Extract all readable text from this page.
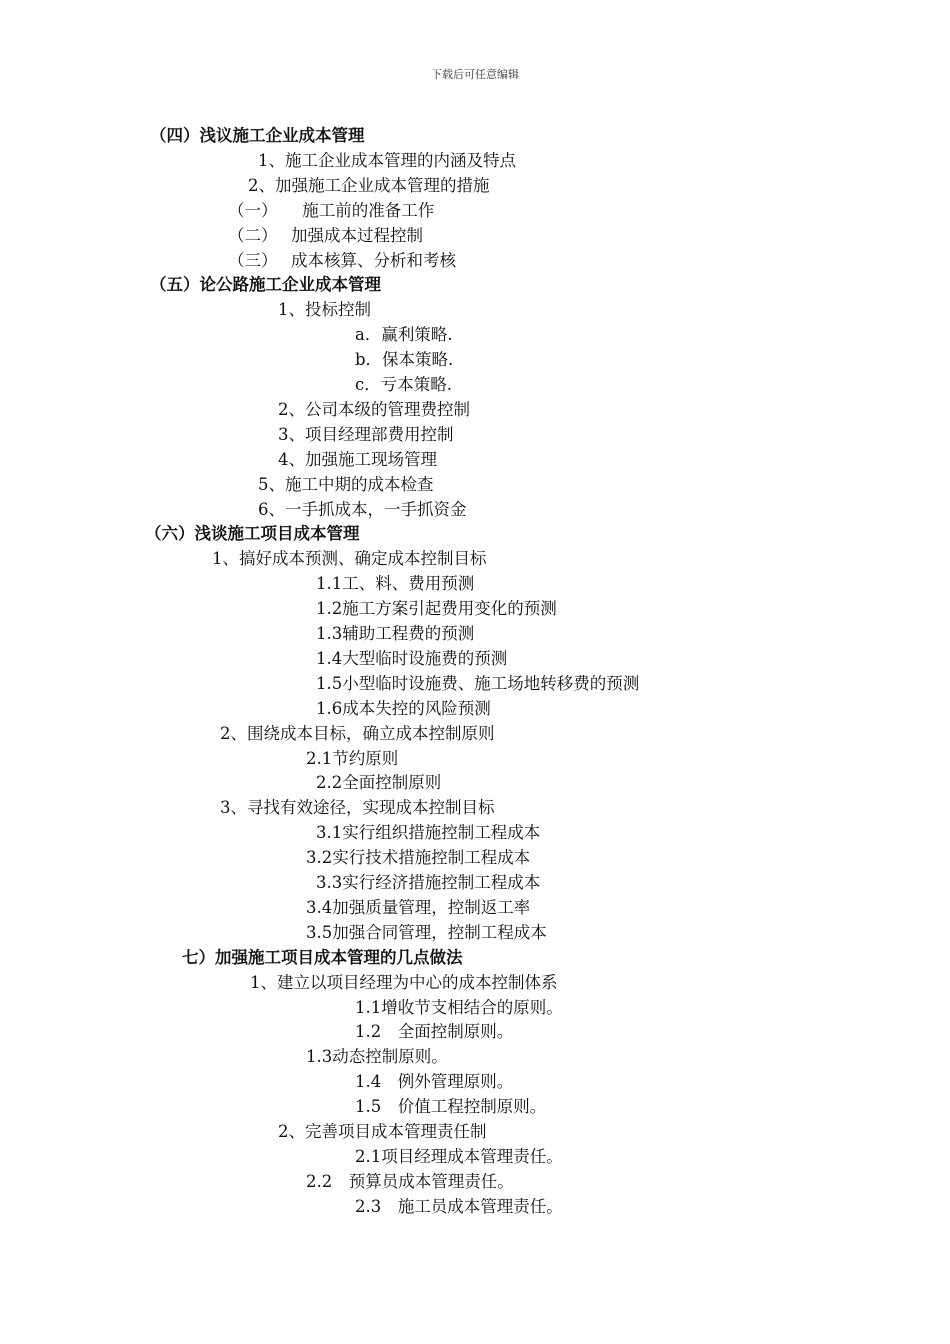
下载后可任意编辑
（四）浅议施工企业成本管理
1、施工企业成本管理的内涵及特点
2、加强施工企业成本管理的措施
（一）　　施工前的准备工作
（二）　 加强成本过程控制
（三）　 成本核算、分析和考核
（五）论公路施工企业成本管理
1、投标控制
a．赢利策略.
b．保本策略.
c．亏本策略.
2、公司本级的管理费控制
3、项目经理部费用控制
4、加强施工现场管理
5、施工中期的成本检查
6、一手抓成本，一手抓资金
（六）浅谈施工项目成本管理
1、搞好成本预测、确定成本控制目标
1.1工、料、费用预测
1.2施工方案引起费用变化的预测
1.3辅助工程费的预测
1.4大型临时设施费的预测
1.5小型临时设施费、施工场地转移费的预测
1.6成本失控的风险预测
2、围绕成本目标，确立成本控制原则
2.1节约原则
2.2全面控制原则
3、寻找有效途径，实现成本控制目标
3.1实行组织措施控制工程成本
3.2实行技术措施控制工程成本
3.3实行经济措施控制工程成本
3.4加强质量管理，控制返工率
3.5加强合同管理，控制工程成本
七）加强施工项目成本管理的几点做法
1、建立以项目经理为中心的成本控制体系
1.1增收节支相结合的原则。
1.2　全面控制原则。
1.3动态控制原则。
1.4　例外管理原则。
1.5　价值工程控制原则。
2、完善项目成本管理责任制
2.1项目经理成本管理责任。
2.2　预算员成本管理责任。
2.3　施工员成本管理责任。
